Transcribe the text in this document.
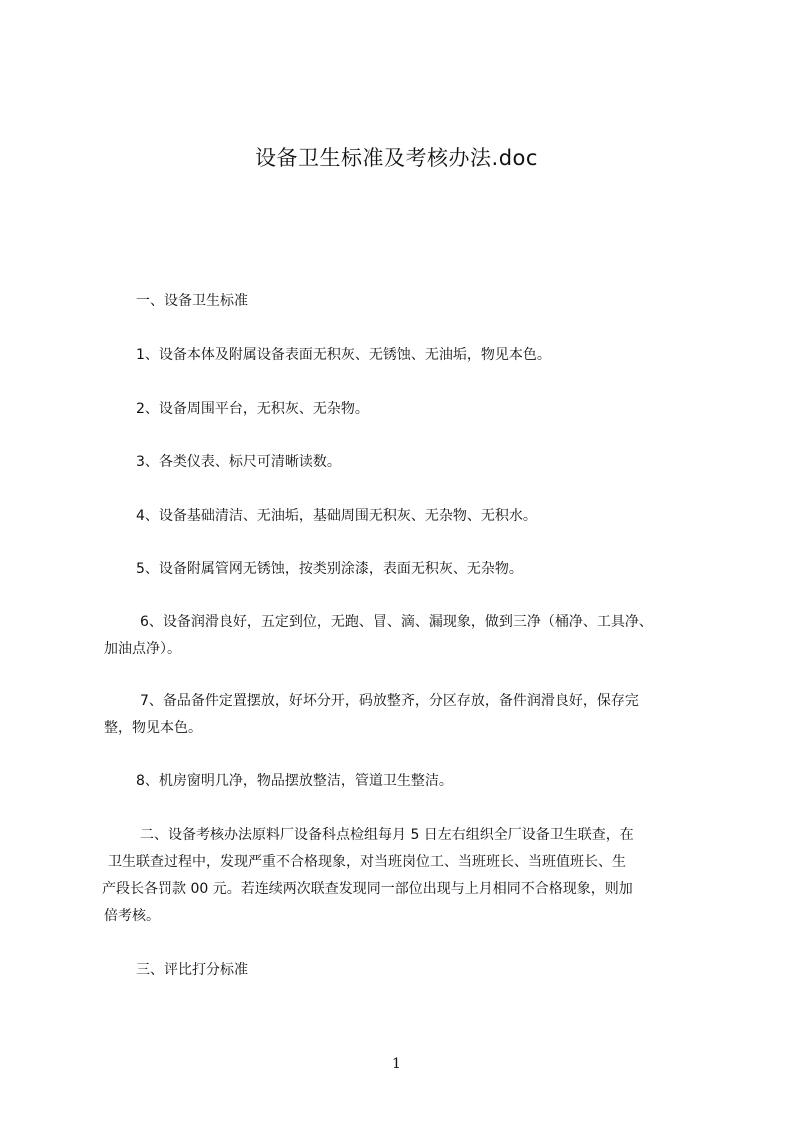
设备卫生标准及考核办法.doc

一、设备卫生标准

1、设备本体及附属设备表面无积灰、无锈蚀、无油垢，物见本色。

2、设备周围平台，无积灰、无杂物。

3、各类仪表、标尺可清晰读数。

4、设备基础清洁、无油垢，基础周围无积灰、无杂物、无积水。

5、设备附属管网无锈蚀，按类别涂漆，表面无积灰、无杂物。

6、设备润滑良好，五定到位，无跑、冒、滴、漏现象，做到三净（桶净、工具净、

加油点净）。

7、备品备件定置摆放，好坏分开，码放整齐，分区存放，备件润滑良好，保存完

整，物见本色。

8、机房窗明几净，物品摆放整洁，管道卫生整洁。

二、设备考核办法原料厂设备科点检组每月 5 日左右组织全厂设备卫生联查，在

卫生联查过程中，发现严重不合格现象，对当班岗位工、当班班长、当班值班长、生

产段长各罚款 00 元。若连续两次联查发现同一部位出现与上月相同不合格现象，则加

倍考核。

三、评比打分标准

1
